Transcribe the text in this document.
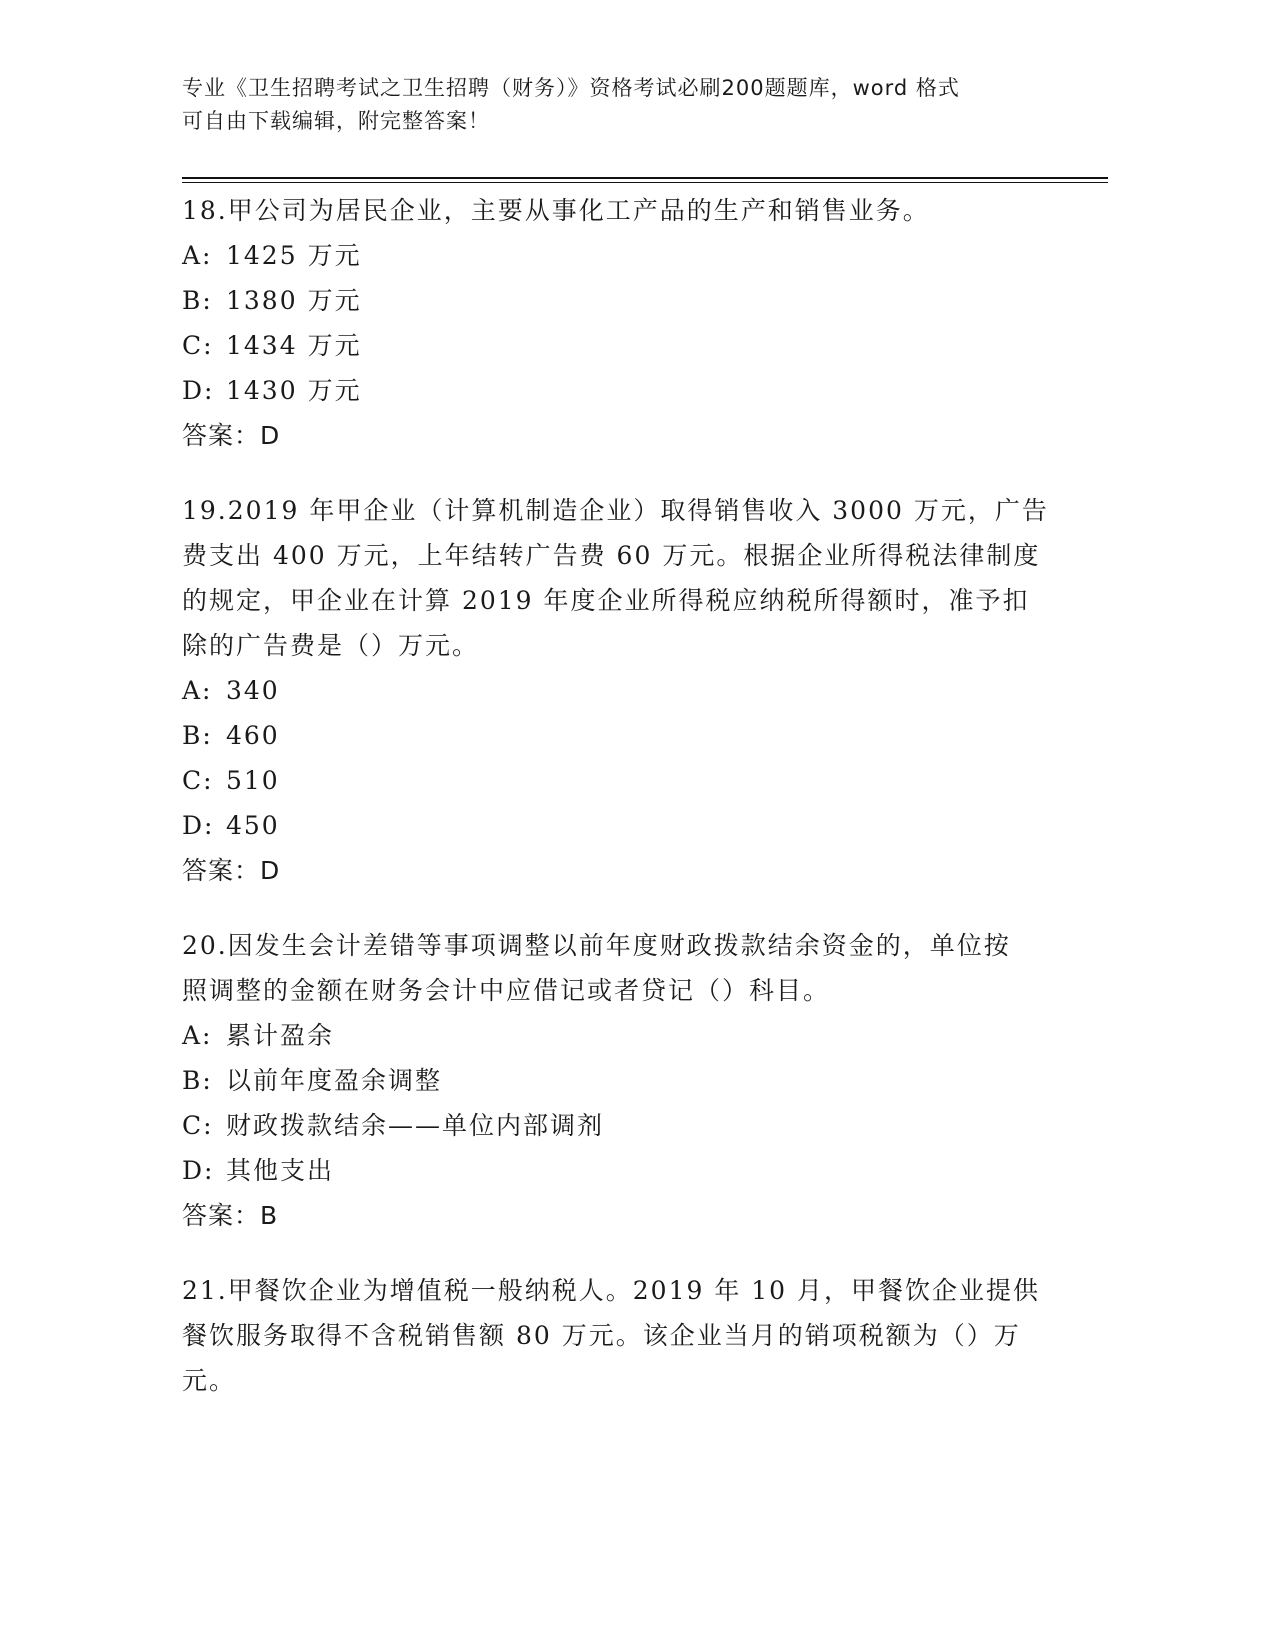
专业《卫生招聘考试之卫生招聘（财务）》资格考试必刷200题题库，word 格式
可自由下载编辑，附完整答案！
18.甲公司为居民企业，主要从事化工产品的生产和销售业务。
A: 1425 万元
B: 1380 万元
C: 1434 万元
D: 1430 万元
答案：D
19.2019 年甲企业（计算机制造企业）取得销售收入 3000 万元，广告
费支出 400 万元，上年结转广告费 60 万元。根据企业所得税法律制度
的规定，甲企业在计算 2019 年度企业所得税应纳税所得额时，准予扣
除的广告费是（）万元。
A: 340
B: 460
C: 510
D: 450
答案：D
20.因发生会计差错等事项调整以前年度财政拨款结余资金的，单位按
照调整的金额在财务会计中应借记或者贷记（）科目。
A: 累计盈余
B: 以前年度盈余调整
C: 财政拨款结余——单位内部调剂
D: 其他支出
答案：B
21.甲餐饮企业为增值税一般纳税人。2019 年 10 月，甲餐饮企业提供
餐饮服务取得不含税销售额 80 万元。该企业当月的销项税额为（）万
元。
